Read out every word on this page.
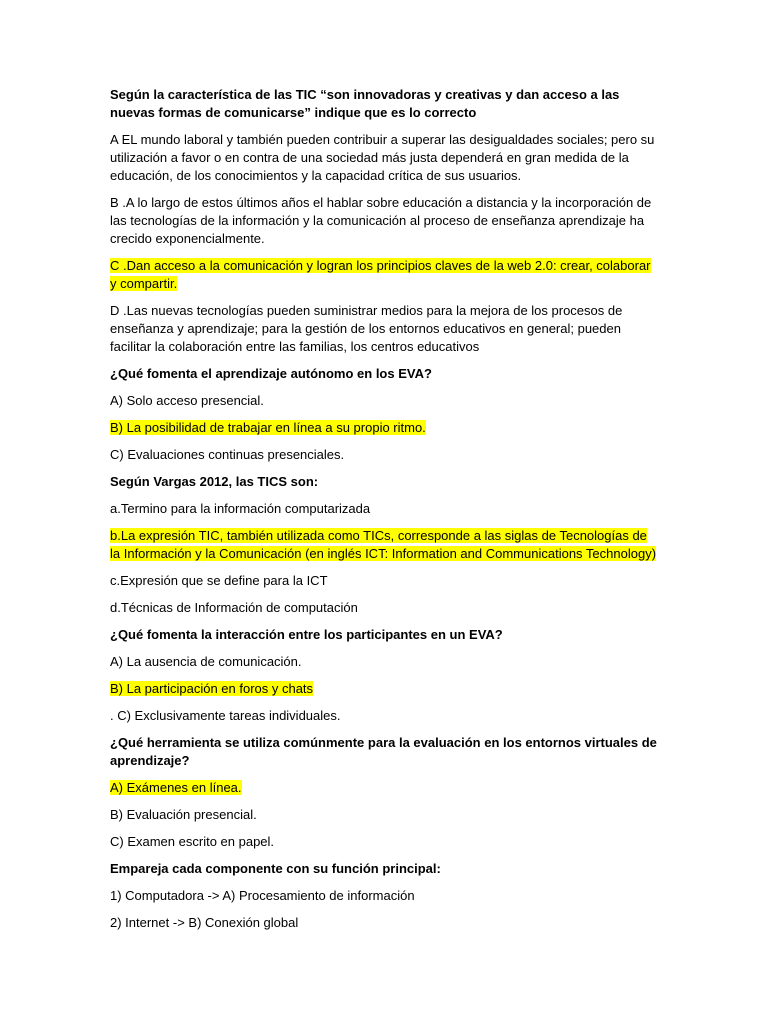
Según la característica de las TIC “son innovadoras y creativas y dan acceso a las nuevas formas de comunicarse” indique que es lo correcto

A EL mundo laboral y también pueden contribuir a superar las desigualdades sociales; pero su utilización a favor o en contra de una sociedad más justa dependerá en gran medida de la educación, de los conocimientos y la capacidad crítica de sus usuarios.

B .A lo largo de estos últimos años el hablar sobre educación a distancia y la incorporación de las tecnologías de la información y la comunicación al proceso de enseñanza aprendizaje ha crecido exponencialmente.

C .Dan acceso a la comunicación y logran los principios claves de la web 2.0: crear, colaborar y compartir.

D .Las nuevas tecnologías pueden suministrar medios para la mejora de los procesos de enseñanza y aprendizaje; para la gestión de los entornos educativos en general; pueden facilitar la colaboración entre las familias, los centros educativos

¿Qué fomenta el aprendizaje autónomo en los EVA?

A) Solo acceso presencial.

B) La posibilidad de trabajar en línea a su propio ritmo.

C) Evaluaciones continuas presenciales.

Según Vargas 2012, las TICS son:

a.Termino para la información computarizada

b.La expresión TIC, también utilizada como TICs, corresponde a las siglas de Tecnologías de la Información y la Comunicación (en inglés ICT: Information and Communications Technology)

c.Expresión que se define para la ICT

d.Técnicas de Información de computación

¿Qué fomenta la interacción entre los participantes en un EVA?

A) La ausencia de comunicación.

B) La participación en foros y chats

. C) Exclusivamente tareas individuales.

¿Qué herramienta se utiliza comúnmente para la evaluación en los entornos virtuales de aprendizaje?

A) Exámenes en línea.

B) Evaluación presencial.

C) Examen escrito en papel.

Empareja cada componente con su función principal:

1) Computadora -> A) Procesamiento de información

2) Internet -> B) Conexión global
